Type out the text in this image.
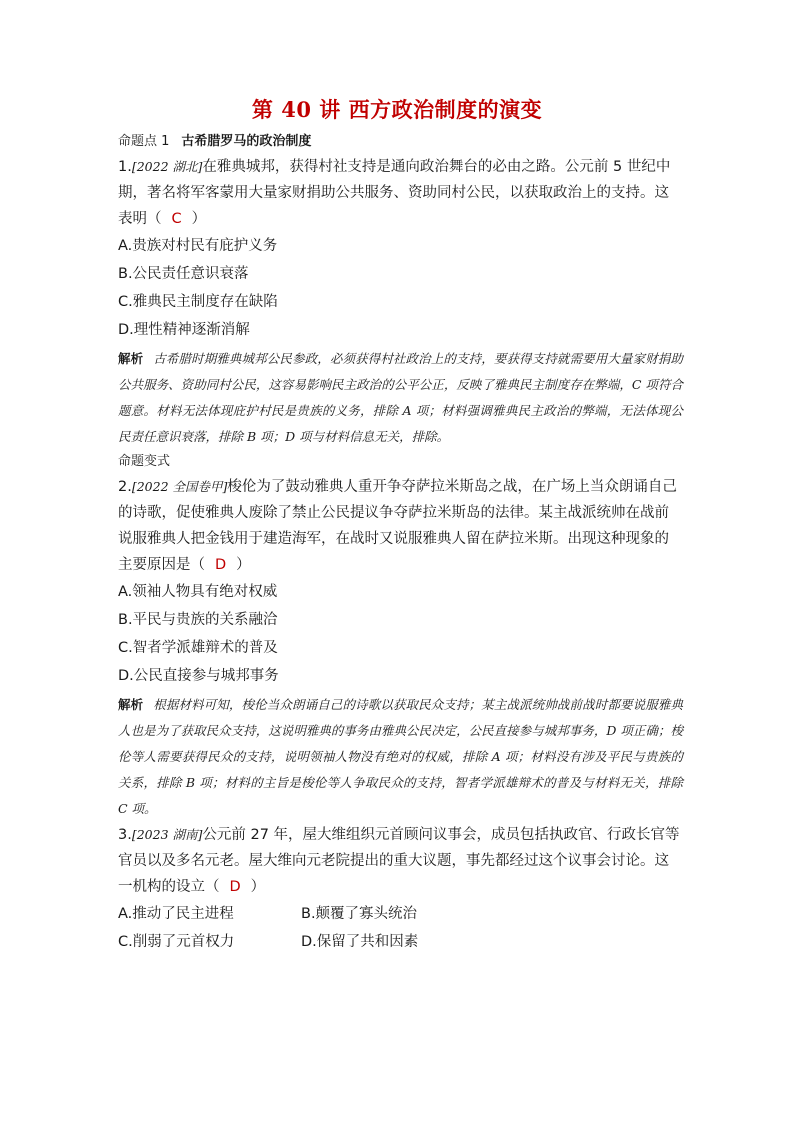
第 40 讲 西方政治制度的演变
命题点 1 古希腊罗马的政治制度
1.[2022 湖北]在雅典城邦，获得村社支持是通向政治舞台的必由之路。公元前 5 世纪中期，著名将军客蒙用大量家财捐助公共服务、资助同村公民，以获取政治上的支持。这表明（ C ）
A.贵族对村民有庇护义务
B.公民责任意识衰落
C.雅典民主制度存在缺陷
D.理性精神逐渐消解
解析 古希腊时期雅典城邦公民参政，必须获得村社政治上的支持，要获得支持就需要用大量家财捐助公共服务、资助同村公民，这容易影响民主政治的公平公正，反映了雅典民主制度存在弊端，C 项符合题意。材料无法体现庇护村民是贵族的义务，排除 A 项；材料强调雅典民主政治的弊端，无法体现公民责任意识衰落，排除 B 项；D 项与材料信息无关，排除。
命题变式
2.[2022 全国卷甲]梭伦为了鼓动雅典人重开争夺萨拉米斯岛之战，在广场上当众朗诵自己的诗歌，促使雅典人废除了禁止公民提议争夺萨拉米斯岛的法律。某主战派统帅在战前说服雅典人把金钱用于建造海军，在战时又说服雅典人留在萨拉米斯。出现这种现象的主要原因是（ D ）
A.领袖人物具有绝对权威
B.平民与贵族的关系融洽
C.智者学派雄辩术的普及
D.公民直接参与城邦事务
解析 根据材料可知，梭伦当众朗诵自己的诗歌以获取民众支持；某主战派统帅战前战时都要说服雅典人也是为了获取民众支持，这说明雅典的事务由雅典公民决定，公民直接参与城邦事务，D 项正确；梭伦等人需要获得民众的支持，说明领袖人物没有绝对的权威，排除 A 项；材料没有涉及平民与贵族的关系，排除 B 项；材料的主旨是梭伦等人争取民众的支持，智者学派雄辩术的普及与材料无关，排除 C 项。
3.[2023 湖南]公元前 27 年，屋大维组织元首顾问议事会，成员包括执政官、行政长官等官员以及多名元老。屋大维向元老院提出的重大议题，事先都经过这个议事会讨论。这一机构的设立（ D ）
A.推动了民主进程	B.颠覆了寡头统治
C.削弱了元首权力	D.保留了共和因素
